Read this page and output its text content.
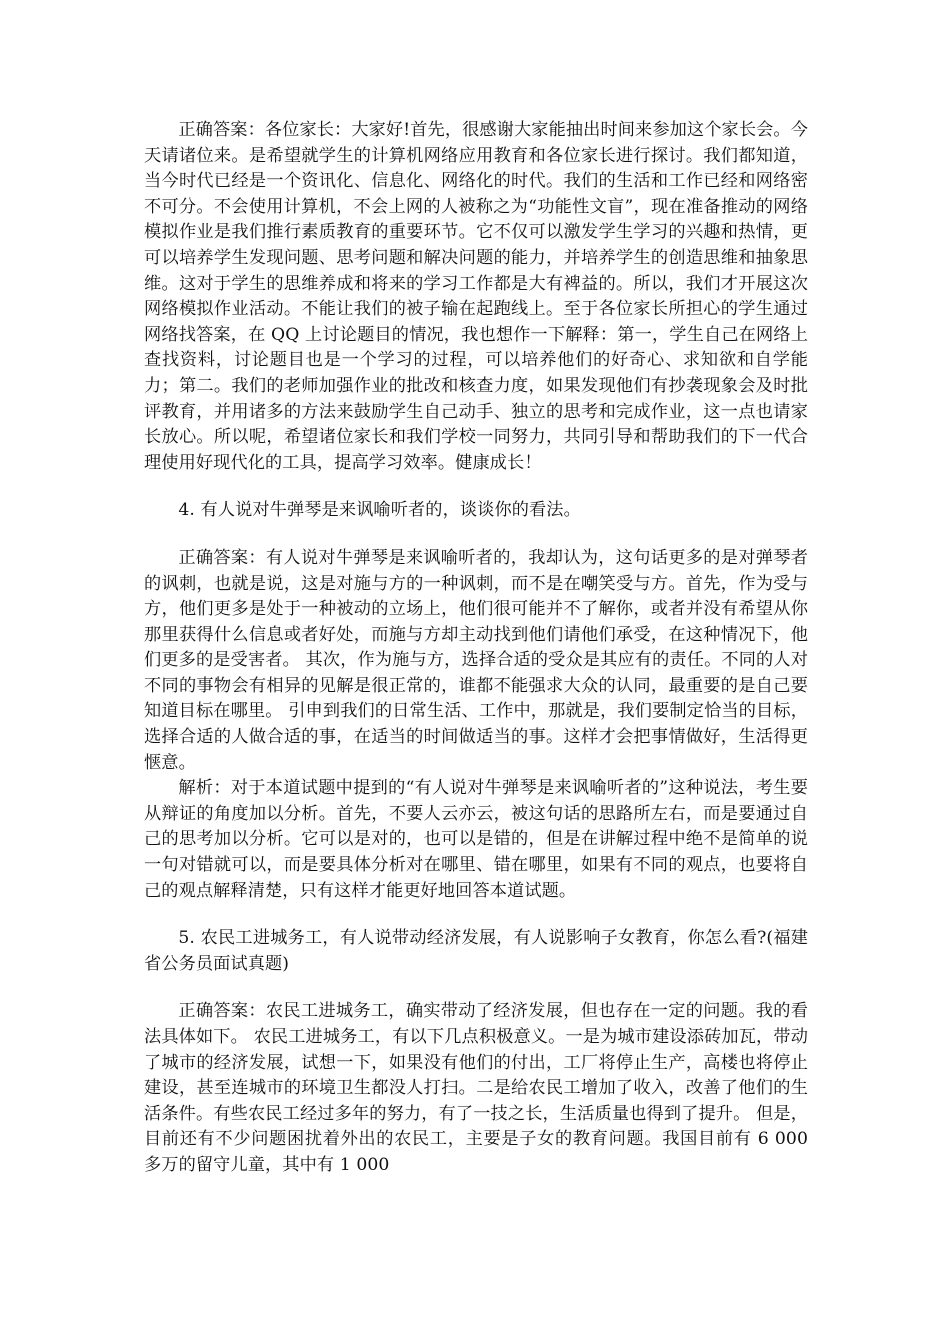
正确答案：各位家长：大家好!首先，很感谢大家能抽出时间来参加这个家长会。今天请诸位来。是希望就学生的计算机网络应用教育和各位家长进行探讨。我们都知道，当今时代已经是一个资讯化、信息化、网络化的时代。我们的生活和工作已经和网络密不可分。不会使用计算机，不会上网的人被称之为“功能性文盲”，现在准备推动的网络模拟作业是我们推行素质教育的重要环节。它不仅可以激发学生学习的兴趣和热情，更可以培养学生发现问题、思考问题和解决问题的能力，并培养学生的创造思维和抽象思维。这对于学生的思维养成和将来的学习工作都是大有裨益的。所以，我们才开展这次网络模拟作业活动。不能让我们的被子输在起跑线上。至于各位家长所担心的学生通过网络找答案，在 QQ 上讨论题目的情况，我也想作一下解释：第一，学生自己在网络上查找资料，讨论题目也是一个学习的过程，可以培养他们的好奇心、求知欲和自学能力；第二。我们的老师加强作业的批改和核查力度，如果发现他们有抄袭现象会及时批评教育，并用诸多的方法来鼓励学生自己动手、独立的思考和完成作业，这一点也请家长放心。所以呢，希望诸位家长和我们学校一同努力，共同引导和帮助我们的下一代合理使用好现代化的工具，提高学习效率。健康成长！

4. 有人说对牛弹琴是来讽喻听者的，谈谈你的看法。

正确答案：有人说对牛弹琴是来讽喻听者的，我却认为，这句话更多的是对弹琴者的讽刺，也就是说，这是对施与方的一种讽刺，而不是在嘲笑受与方。首先，作为受与方，他们更多是处于一种被动的立场上，他们很可能并不了解你，或者并没有希望从你那里获得什么信息或者好处，而施与方却主动找到他们请他们承受，在这种情况下，他们更多的是受害者。 其次，作为施与方，选择合适的受众是其应有的责任。不同的人对不同的事物会有相异的见解是很正常的，谁都不能强求大众的认同，最重要的是自己要知道目标在哪里。 引申到我们的日常生活、工作中，那就是，我们要制定恰当的目标，选择合适的人做合适的事，在适当的时间做适当的事。这样才会把事情做好，生活得更惬意。

解析：对于本道试题中提到的“有人说对牛弹琴是来讽喻听者的”这种说法，考生要从辩证的角度加以分析。首先，不要人云亦云，被这句话的思路所左右，而是要通过自己的思考加以分析。它可以是对的，也可以是错的，但是在讲解过程中绝不是简单的说一句对错就可以，而是要具体分析对在哪里、错在哪里，如果有不同的观点，也要将自己的观点解释清楚，只有这样才能更好地回答本道试题。

5. 农民工进城务工，有人说带动经济发展，有人说影响子女教育，你怎么看?(福建省公务员面试真题)

正确答案：农民工进城务工，确实带动了经济发展，但也存在一定的问题。我的看法具体如下。 农民工进城务工，有以下几点积极意义。一是为城市建设添砖加瓦，带动了城市的经济发展，试想一下，如果没有他们的付出，工厂将停止生产，高楼也将停止建设，甚至连城市的环境卫生都没人打扫。二是给农民工增加了收入，改善了他们的生活条件。有些农民工经过多年的努力，有了一技之长，生活质量也得到了提升。 但是，目前还有不少问题困扰着外出的农民工，主要是子女的教育问题。我国目前有 6 000 多万的留守儿童，其中有 1 000
